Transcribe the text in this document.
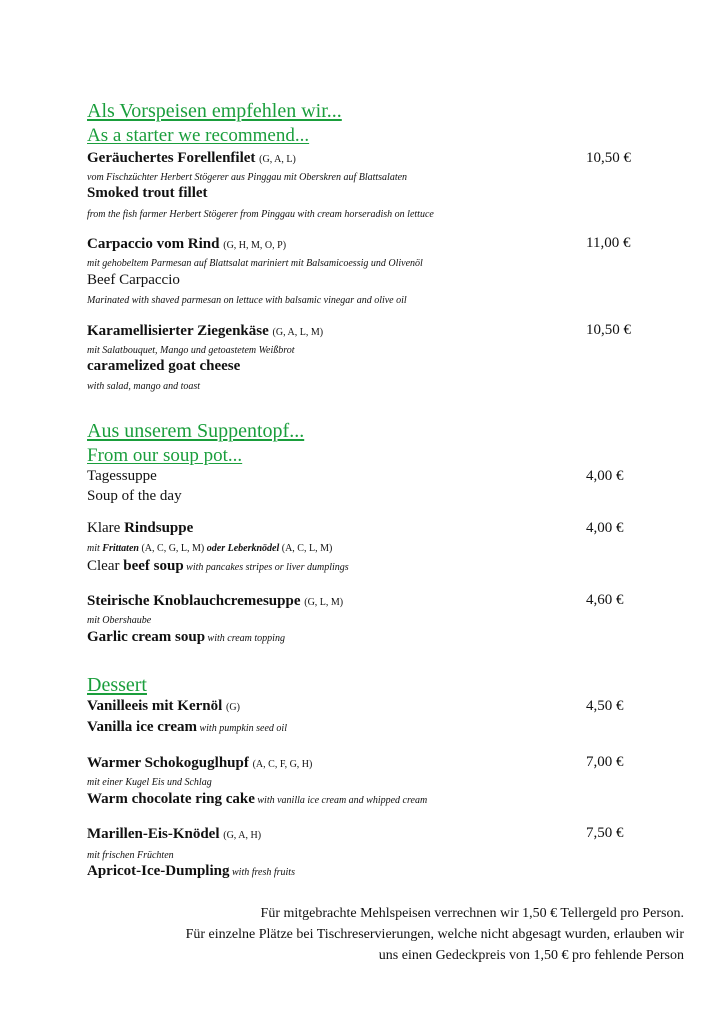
Als Vorspeisen empfehlen wir...
As a starter we recommend...
Geräuchertes Forellenfilet (G, A, L)	10,50 €
vom Fischzüchter Herbert Stögerer aus Pinggau mit Oberskren auf Blattsalaten
Smoked trout fillet
from the fish farmer Herbert Stögerer from Pinggau with cream horseradish on lettuce
Carpaccio vom Rind (G, H, M, O, P)	11,00 €
mit gehobeltem Parmesan auf Blattsalat mariniert mit Balsamicoessig und Olivenöl
Beef Carpaccio
Marinated with shaved parmesan on lettuce with balsamic vinegar and olive oil
Karamellisierter Ziegenkäse (G, A, L, M)	10,50 €
mit Salatbouquet, Mango und getoastetem Weißbrot
caramelized goat cheese
with salad, mango and toast
Aus unserem Suppentopf...
From our soup pot...
Tagessuppe	4,00 €
Soup of the day
Klare Rindsuppe	4,00 €
mit Frittaten (A, C, G, L, M) oder Leberknödel (A, C, L, M)
Clear beef soup with pancakes stripes or liver dumplings
Steirische Knoblauchcremesuppe (G, L, M)	4,60 €
mit Obershaube
Garlic cream soup with cream topping
Dessert
Vanilleeis mit Kernöl (G)	4,50 €
Vanilla ice cream with pumpkin seed oil
Warmer Schokoguglhupf (A, C, F, G, H)	7,00 €
mit einer Kugel Eis und Schlag
Warm chocolate ring cake with vanilla ice cream and whipped cream
Marillen-Eis-Knödel (G, A, H)	7,50 €
mit frischen Früchten
Apricot-Ice-Dumpling with fresh fruits
Für mitgebrachte Mehlspeisen verrechnen wir 1,50 € Tellergeld pro Person.
Für einzelne Plätze bei Tischreservierungen, welche nicht abgesagt wurden, erlauben wir
uns einen Gedeckpreis von 1,50 € pro fehlende Person
